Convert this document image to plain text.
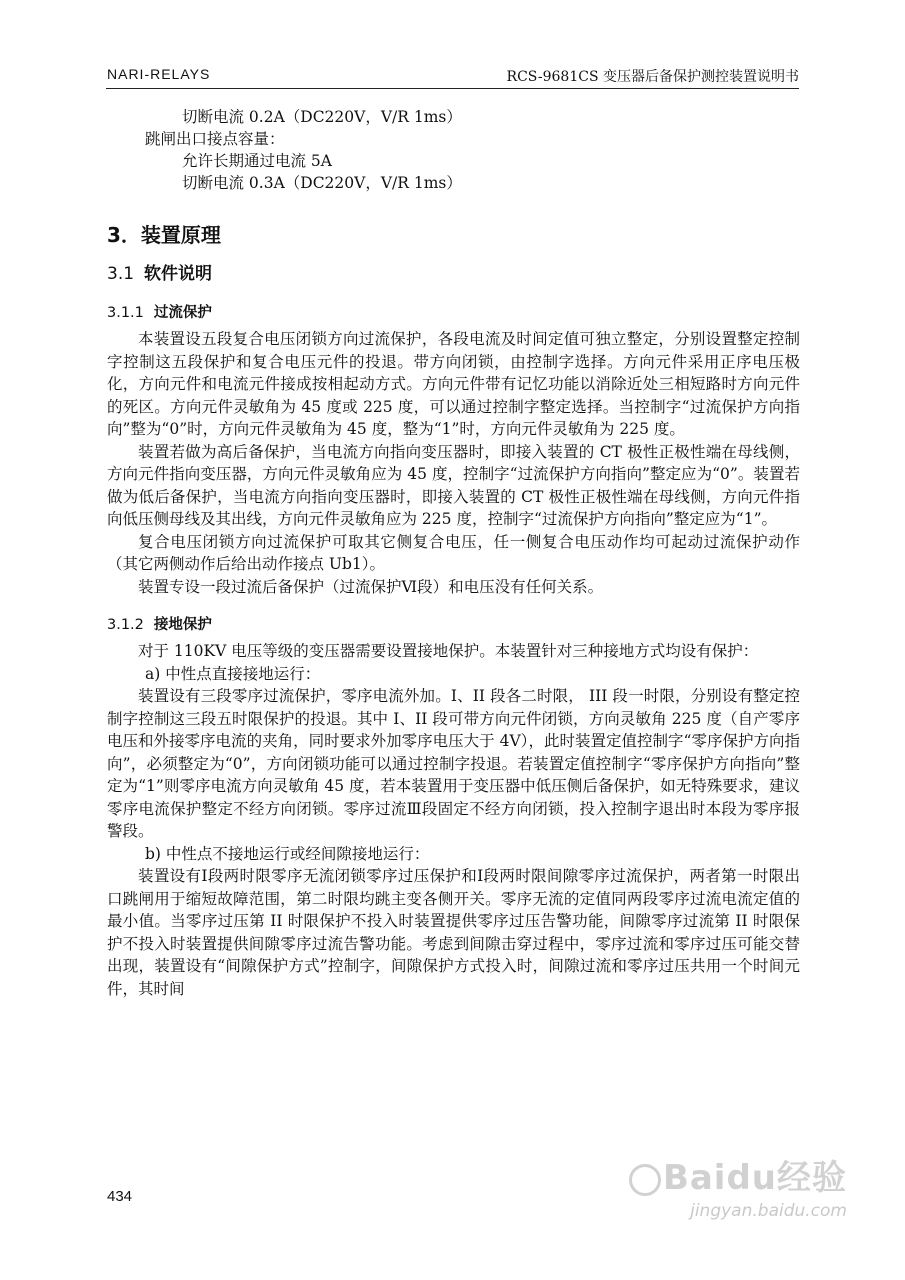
NARI-RELAYS	RCS-9681CS 变压器后备保护测控装置说明书
切断电流 0.2A（DC220V，V/R 1ms）
跳闸出口接点容量：
允许长期通过电流 5A
切断电流 0.3A（DC220V，V/R 1ms）
3．装置原理
3.1 软件说明
3.1.1 过流保护

本装置设五段复合电压闭锁方向过流保护，各段电流及时间定值可独立整定，分别设置整定控制字控制这五段保护和复合电压元件的投退。带方向闭锁，由控制字选择。方向元件采用正序电压极化，方向元件和电流元件接成按相起动方式。方向元件带有记忆功能以消除近处三相短路时方向元件的死区。方向元件灵敏角为 45 度或 225 度，可以通过控制字整定选择。当控制字“过流保护方向指向”整为“0”时，方向元件灵敏角为 45 度，整为“1”时，方向元件灵敏角为 225 度。

装置若做为高后备保护，当电流方向指向变压器时，即接入装置的 CT 极性正极性端在母线侧，方向元件指向变压器，方向元件灵敏角应为 45 度，控制字“过流保护方向指向”整定应为“0”。装置若做为低后备保护，当电流方向指向变压器时，即接入装置的 CT 极性正极性端在母线侧，方向元件指向低压侧母线及其出线，方向元件灵敏角应为 225 度，控制字“过流保护方向指向”整定应为“1”。

复合电压闭锁方向过流保护可取其它侧复合电压，任一侧复合电压动作均可起动过流保护动作（其它两侧动作后给出动作接点 Ub1）。

装置专设一段过流后备保护（过流保护Ⅵ段）和电压没有任何关系。

3.1.2 接地保护

对于 110KV 电压等级的变压器需要设置接地保护。本装置针对三种接地方式均设有保护：

a) 中性点直接接地运行：

装置设有三段零序过流保护，零序电流外加。I、II 段各二时限， III 段一时限，分别设有整定控制字控制这三段五时限保护的投退。其中 I、II 段可带方向元件闭锁，方向灵敏角 225 度（自产零序电压和外接零序电流的夹角，同时要求外加零序电压大于 4V），此时装置定值控制字“零序保护方向指向”，必须整定为“0”，方向闭锁功能可以通过控制字投退。若装置定值控制字“零序保护方向指向”整定为“1”则零序电流方向灵敏角 45 度，若本装置用于变压器中低压侧后备保护，如无特殊要求，建议零序电流保护整定不经方向闭锁。零序过流Ⅲ段固定不经方向闭锁，投入控制字退出时本段为零序报警段。

b) 中性点不接地运行或经间隙接地运行：

装置设有Ⅰ段两时限零序无流闭锁零序过压保护和Ⅰ段两时限间隙零序过流保护，两者第一时限出口跳闸用于缩短故障范围，第二时限均跳主变各侧开关。零序无流的定值同两段零序过流电流定值的最小值。当零序过压第 II 时限保护不投入时装置提供零序过压告警功能，间隙零序过流第 II 时限保护不投入时装置提供间隙零序过流告警功能。考虑到间隙击穿过程中，零序过流和零序过压可能交替出现，装置设有“间隙保护方式”控制字，间隙保护方式投入时，间隙过流和零序过压共用一个时间元件，其时间

434	Baidu经验
jingyan.baidu.com
